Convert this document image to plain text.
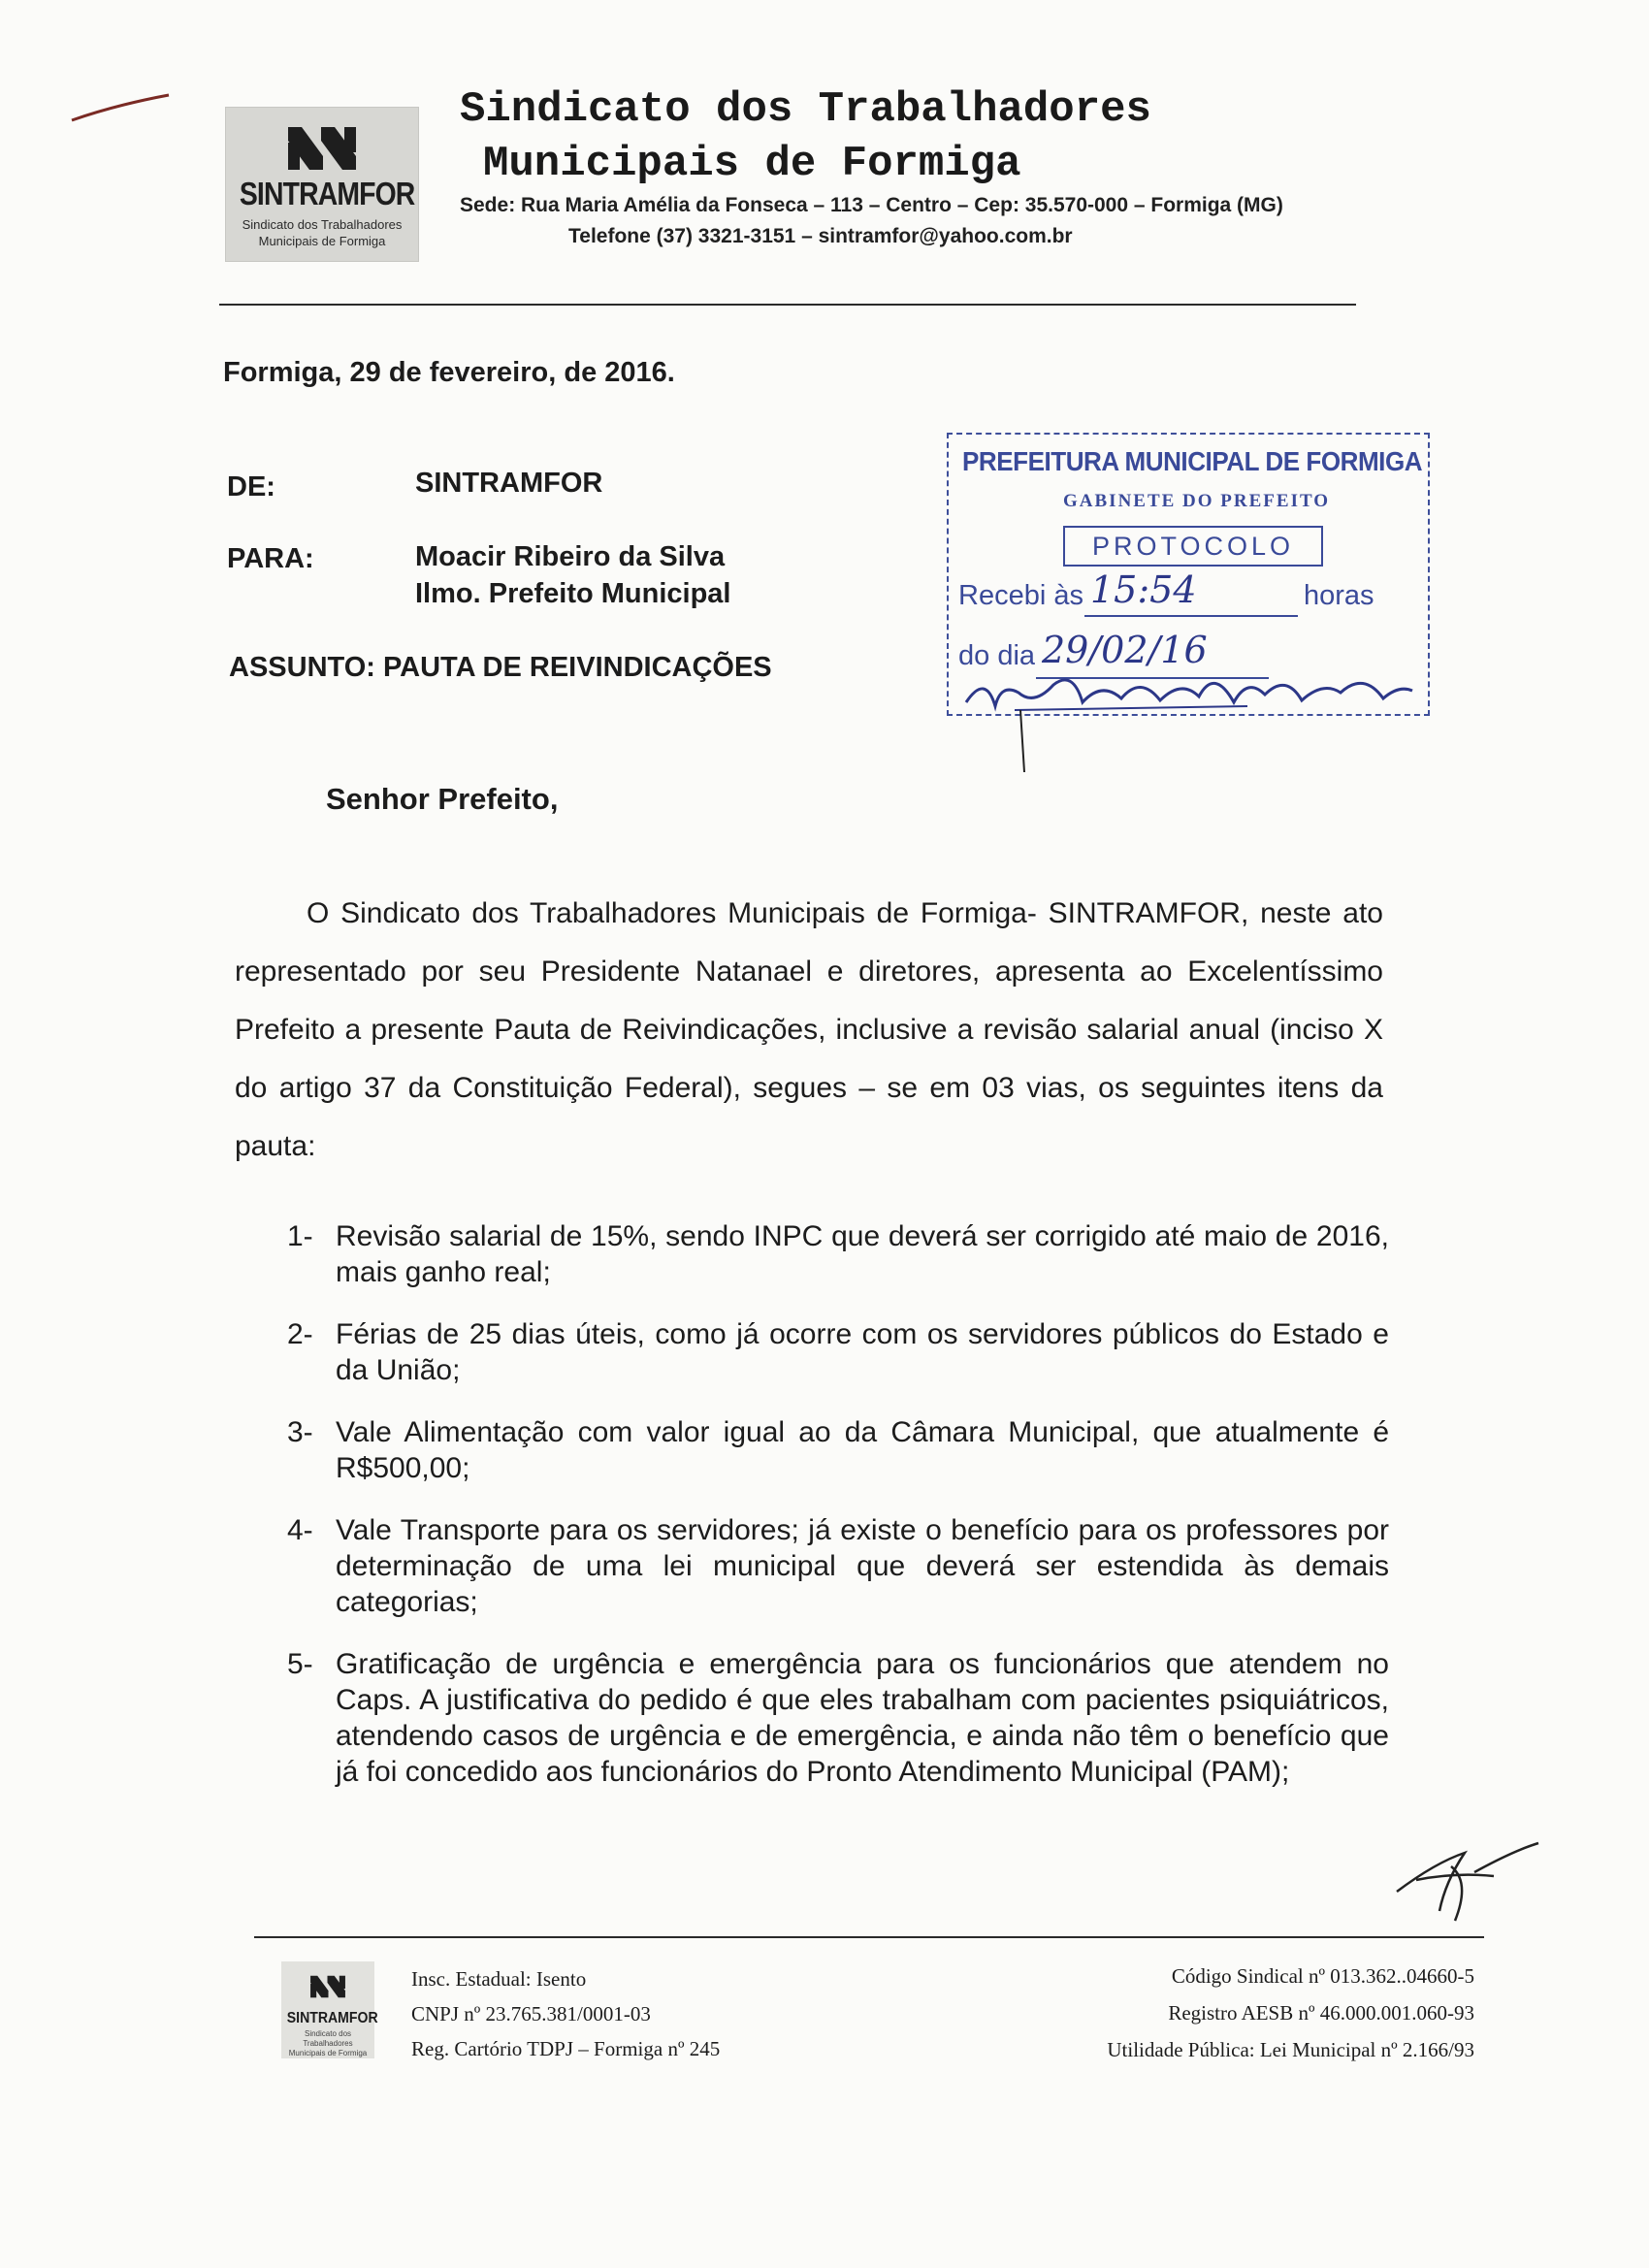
SINTRAMFOR
Sindicato dos Trabalhadores
Municipais de Formiga
Sindicato dos Trabalhadores
Municipais de Formiga
Sede: Rua Maria Amélia da Fonseca – 113 – Centro – Cep: 35.570-000 – Formiga (MG)
Telefone (37) 3321-3151 – sintramfor@yahoo.com.br
Formiga, 29 de fevereiro, de 2016.
DE:	SINTRAMFOR
PARA:	Moacir Ribeiro da Silva
Ilmo. Prefeito Municipal
ASSUNTO: PAUTA DE REIVINDICAÇÕES
PREFEITURA MUNICIPAL DE FORMIGA
GABINETE DO PREFEITO
PROTOCOLO
Recebi às 15:54	horas
do dia 29/02/16
Senhor Prefeito,
O Sindicato dos Trabalhadores Municipais de Formiga- SINTRAMFOR, neste ato representado por seu Presidente Natanael e diretores, apresenta ao Excelentíssimo Prefeito a presente Pauta de Reivindicações, inclusive a revisão salarial anual (inciso X do artigo 37 da Constituição Federal), segues – se em 03 vias, os seguintes itens da pauta:
1- Revisão salarial de 15%, sendo INPC que deverá ser corrigido até maio de 2016, mais ganho real;
2- Férias de 25 dias úteis, como já ocorre com os servidores públicos do Estado e da União;
3- Vale Alimentação com valor igual ao da Câmara Municipal, que atualmente é R$500,00;
4- Vale Transporte para os servidores; já existe o benefício para os professores por determinação de uma lei municipal que deverá ser estendida às demais categorias;
5- Gratificação de urgência e emergência para os funcionários que atendem no Caps. A justificativa do pedido é que eles trabalham com pacientes psiquiátricos, atendendo casos de urgência e de emergência, e ainda não têm o benefício que já foi concedido aos funcionários do Pronto Atendimento Municipal (PAM);
SINTRAMFOR
Sindicato dos Trabalhadores
Municipais de Formiga
Insc. Estadual: Isento
CNPJ nº 23.765.381/0001-03
Reg. Cartório TDPJ – Formiga nº 245
Código Sindical nº 013.362..04660-5
Registro AESB nº 46.000.001.060-93
Utilidade Pública: Lei Municipal nº 2.166/93
